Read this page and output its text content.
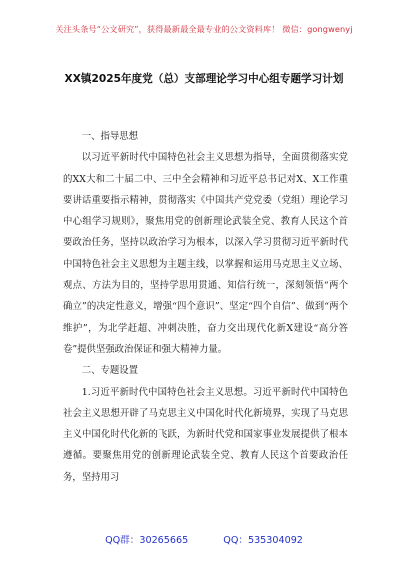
关注头条号“公文研究”，获得最新最全最专业的公文资料库！ 微信：gongwenyj
XX镇2025年度党（总）支部理论学习中心组专题学习计划
一、指导思想

以习近平新时代中国特色社会主义思想为指导，全面贯彻落实党的XX大和二十届二中、三中全会精神和习近平总书记对X、X工作重要讲话重要指示精神，贯彻落实《中国共产党党委（党组）理论学习中心组学习规则》，聚焦用党的创新理论武装全党、教育人民这个首要政治任务，坚持以政治学习为根本，以深入学习贯彻习近平新时代中国特色社会主义思想为主题主线，以掌握和运用马克思主义立场、观点、方法为目的，坚持学思用贯通、知信行统一，深刻领悟“两个确立”的决定性意义，增强“四个意识”、坚定“四个自信”、做到“两个维护”，为北学赶超、冲刺决胜，奋力交出现代化新X建设“高分答卷”提供坚强政治保证和强大精神力量。

二、专题设置

1.习近平新时代中国特色社会主义思想。习近平新时代中国特色社会主义思想开辟了马克思主义中国化时代化新境界，实现了马克思主义中国化时代化新的飞跃，为新时代党和国家事业发展提供了根本遵循。要聚焦用党的创新理论武装全党、教育人民这个首要政治任务，坚持用习

QQ群：30265665	QQ：535304092
